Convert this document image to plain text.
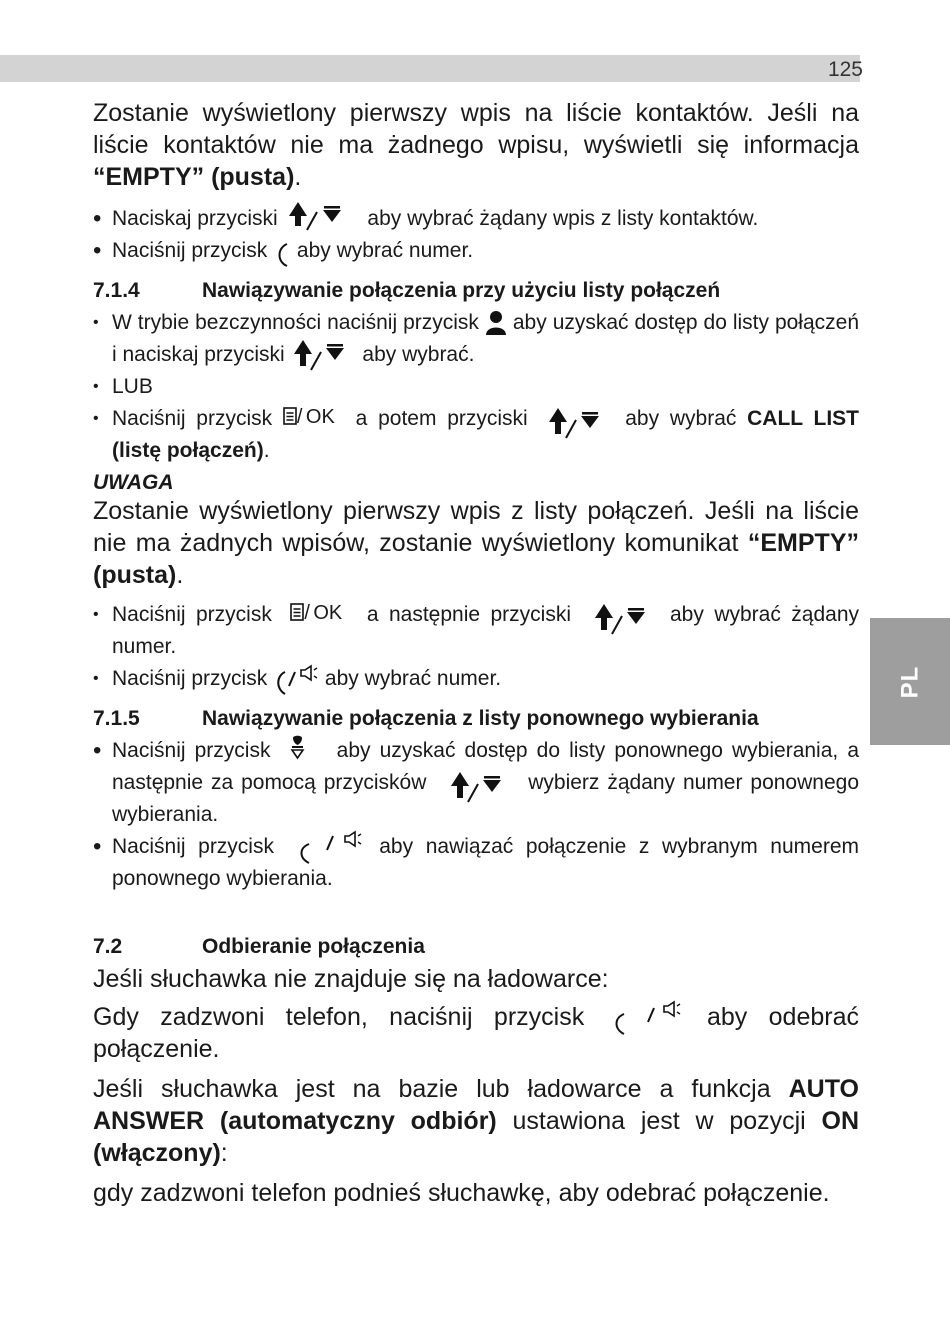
125
PL

Zostanie wyświetlony pierwszy wpis na liście kontaktów. Jeśli na liście kontaktów nie ma żadnego wpisu, wyświetli się informacja “EMPTY” (pusta).

• Naciskaj przyciski	aby wybrać żądany wpis z listy kontaktów.
• Naciśnij przycisk aby wybrać numer.
7.1.4	Nawiązywanie połączenia przy użyciu listy połączeń
• W trybie bezczynności naciśnij przycisk aby uzyskać dostęp do listy połączeń i naciskaj przyciski	aby wybrać.
• LUB
• Naciśnij przycisk / OK a potem przyciski	aby wybrać CALL LIST (listę połączeń).
UWAGA

Zostanie wyświetlony pierwszy wpis z listy połączeń. Jeśli na liście nie ma żadnych wpisów, zostanie wyświetlony komunikat “EMPTY” (pusta).

• Naciśnij przycisk / OK a następnie przyciski	aby wybrać żądany numer.
• Naciśnij przycisk	aby wybrać numer.
7.1.5	Nawiązywanie połączenia z listy ponownego wybierania
• Naciśnij przycisk	aby uzyskać dostęp do listy ponownego wybierania, a następnie za pomocą przycisków	wybierz żądany numer ponownego wybierania.
• Naciśnij przycisk	aby nawiązać połączenie z wybranym numerem ponownego wybierania.
7.2	Odbieranie połączenia

Jeśli słuchawka nie znajduje się na ładowarce:

Gdy zadzwoni telefon, naciśnij przycisk	aby odebrać połączenie.

Jeśli słuchawka jest na bazie lub ładowarce a funkcja AUTO ANSWER (automatyczny odbiór) ustawiona jest w pozycji ON (włączony):

gdy zadzwoni telefon podnieś słuchawkę, aby odebrać połączenie.
